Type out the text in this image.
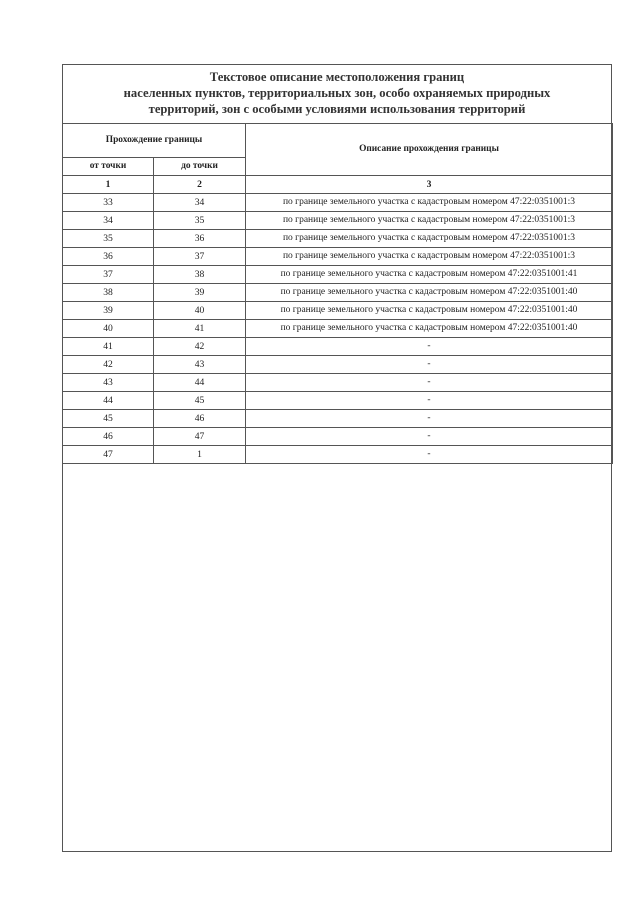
Текстовое описание местоположения границ
населенных пунктов, территориальных зон, особо охраняемых природных
территорий, зон с особыми условиями использования территорий
Прохождение границы		Описание прохождения границы
от точки	до точки	
1	2	3
33	34	по границе земельного участка с кадастровым номером 47:22:0351001:3
34	35	по границе земельного участка с кадастровым номером 47:22:0351001:3
35	36	по границе земельного участка с кадастровым номером 47:22:0351001:3
36	37	по границе земельного участка с кадастровым номером 47:22:0351001:3
37	38	по границе земельного участка с кадастровым номером 47:22:0351001:41
38	39	по границе земельного участка с кадастровым номером 47:22:0351001:40
39	40	по границе земельного участка с кадастровым номером 47:22:0351001:40
40	41	по границе земельного участка с кадастровым номером 47:22:0351001:40
41	42	-
42	43	-
43	44	-
44	45	-
45	46	-
46	47	-
47	1	-
